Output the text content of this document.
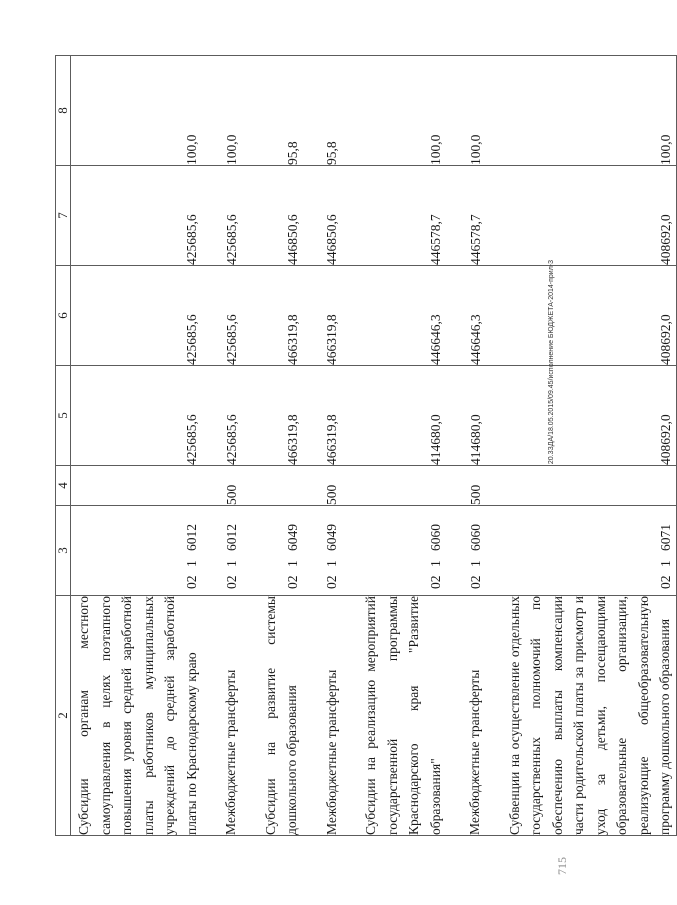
2	3	4	5	6	7	8
Субсидии органам местного самоуправления в целях поэтапного повышения уровня средней заработной платы работников муниципальных учреждений до средней заработной платы по Краснодарскому краю	0216012		425685,6	425685,6	425685,6	100,0
Межбюджетные трансферты	0216012	500	425685,6	425685,6	425685,6	100,0
Субсидии на развитие системы дошкольного образования	0216049		466319,8	466319,8	446850,6	95,8
Межбюджетные трансферты	0216049	500	466319,8	466319,8	446850,6	95,8
Субсидии на реализацию мероприятий государственной программы Краснодарского края "Развитие образования"	0216060		414680,0	446646,3	446578,7	100,0
Межбюджетные трансферты	0216060	500	414680,0	446646,3	446578,7	100,0
Субвенции на осуществление отдельных государственных полномочий по обеспечению выплаты компенсации части родительской платы за присмотр и уход за детьми, посещающими образовательные организации, реализующие общеобразовательную программу дошкольного образования	0216071		408692,0	408692,0	408692,0	100,0
20.3ЗДА/18.05.2015/09.45/исполнение БЮДЖЕТА-2014-прил-3
715
